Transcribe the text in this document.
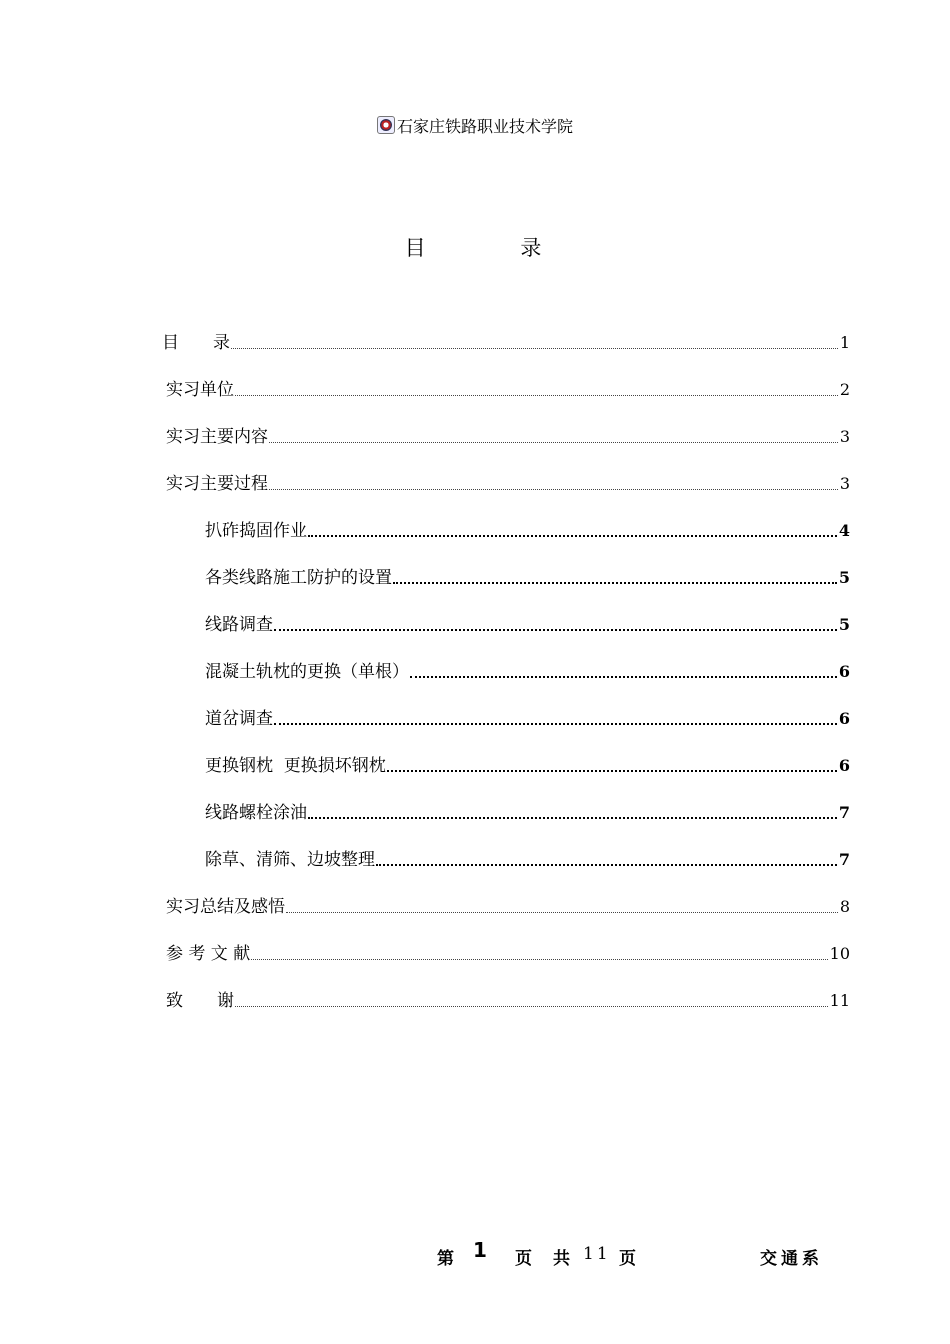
石家庄铁路职业技术学院
目 录
目　　录	1
实习单位	2
实习主要内容	3
实习主要过程	3
扒砟捣固作业	4
各类线路施工防护的设置	5
线路调查	5
混凝土轨枕的更换（单根）	6
道岔调查	6
更换钢枕  更换损坏钢枕	6
线路螺栓涂油	7
除草、清筛、边坡整理	7
实习总结及感悟	8
参 考 文 献	10
致　　谢	11
第 1 页 共 11 页	交通系
